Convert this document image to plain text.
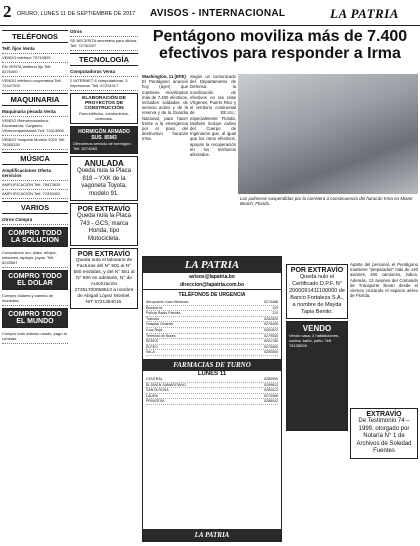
2 ORURO, LUNES 11 DE SEPTIEMBRE DE 2017 AVISOS - INTERNACIONAL	LA PATRIA
TELÉFONOS
Telf. fijos Venta
VENDO teléfono 75710825
EN VENTA teléfono fijo Telf. 5276300
VENDO teléfono cooperativa Telf. 72447000
MAQUINARIA
Maquinaria pesada Venta
VENDO Retroexcavadora, Excavadora, Cargador, Vibrocompactadora Telf. 72413800
VENDO Volqueta Modelo 2010 Telf. 76555330
MÚSICA
Amplificaciones Oferta servicios
AMPLIFICACIÓN Telf. 78473829
AMPLIFICACIÓN Telf. 71339402
VARIOS
Otros Compra
COMPRO TODO LA SOLUCION
Compramos oro, plata, relojes, celulares, laptops, joyas. Telf. 5243567
COMPRO TODO EL DOLAR
Compro dólares y cambio de monedas.
COMPRO TODO EL MUNDO
Compro todo artículo usado, pago al contado.
Otros
SE NECESITA secretaria para oficina. Telf. 72750237
TECNOLOGÍA
Computadoras Venta
2 INTERNET 8 computadoras, 3 impresoras. Telf. 67224317
ELABORACIÓN DE PROYECTOS DE CONSTRUCCIÓN
Para edificios, condominios, viviendas.
HORMIGÓN ARMADO SUS. 85M3
Ofrecemos servicio de hormigón. Telf. 5274563
ANULADA
Queda nula la Placa 818 – YXK de la vagoneta Toyota, modelo 91.
POR EXTRAVÍO
Queda nula la Placa 743 - GCS, marca Honda, tipo Motocicleta.
POR EXTRAVÍO
Queda nula el talonario de Facturas del N° 501 al N° 550 emitidas, y del N° 551 al N° 600 en adelante, N° de Autorización 27351700059813 a nombre de Abigail López Montiel. NIT 5721384016.
Pentágono moviliza más de 7.400 efectivos para responder a Irma
Los palmeras suspendidas por la carretera a consecuencia del huracán Irma en Miami Beach, Florida.
Washington, 11 (EFE)
El Pentágono anunció hoy (ayer) que mantiene movilizados más de 7.400 efectivos, incluidos soldados de servicio activo y de la reserva y de la Guardia Nacional, para hacer frente a la emergencia por el paso del destructivo huracán Irma.
Según un comunicado del Departamento de Defensa, la movilización de efectivos en las Islas Vírgenes, Puerto Rico y el territorio continental de EE.UU., especialmente Florida, también incluye civiles del Cuerpo de Ingenieros que, al igual que los otros efectivos, apoyan la recuperación en los territorios afectados.
LA PATRIA
avisos@lapatria.bo
direccion@lapatria.com.bo
TELÉFONOS DE URGENCIA
Aeropuerto Juan Mendoza	5274488
Bomberos	119
Policía Radio Patrulla	110
Tránsito	5252525
Hospital General	5275405
Cruz Roja	5251522
Terminal de Buses	5279535
SEDES	5251780
ELFEO	5276060
SeLA	5250500
FARMACIAS DE TURNO
LUNES 11
CENTRAL	5285900
EL BUEN SAMARITANO	5259813
SANTA ROSA	5280013
LAURA	5270088
PRINCESA	5288042
LA PATRIA
POR EXTRAVÍO
Queda nulo el Certificado D.P.F. N° 2000091411100000 de Banco Fortaleza S.A., a nombre de Mayda Tapia Benito.
VENDO
Vendo casa, 2 habitaciones, cocina, baño, patio. Telf. 76138528
Aparte del personal, el Pentágono mantiene "preparados" más de 140 aviones, 400 camiones, indica. Además, 13 aviones del Comando de Transporte llevan desde el viernes cruzando el espacio aéreo de Florida.
EXTRAVÍO
De Testimonio 74 – 1999, otorgado por Notaría N° 1 de Archivos de Soledad Fuentes
